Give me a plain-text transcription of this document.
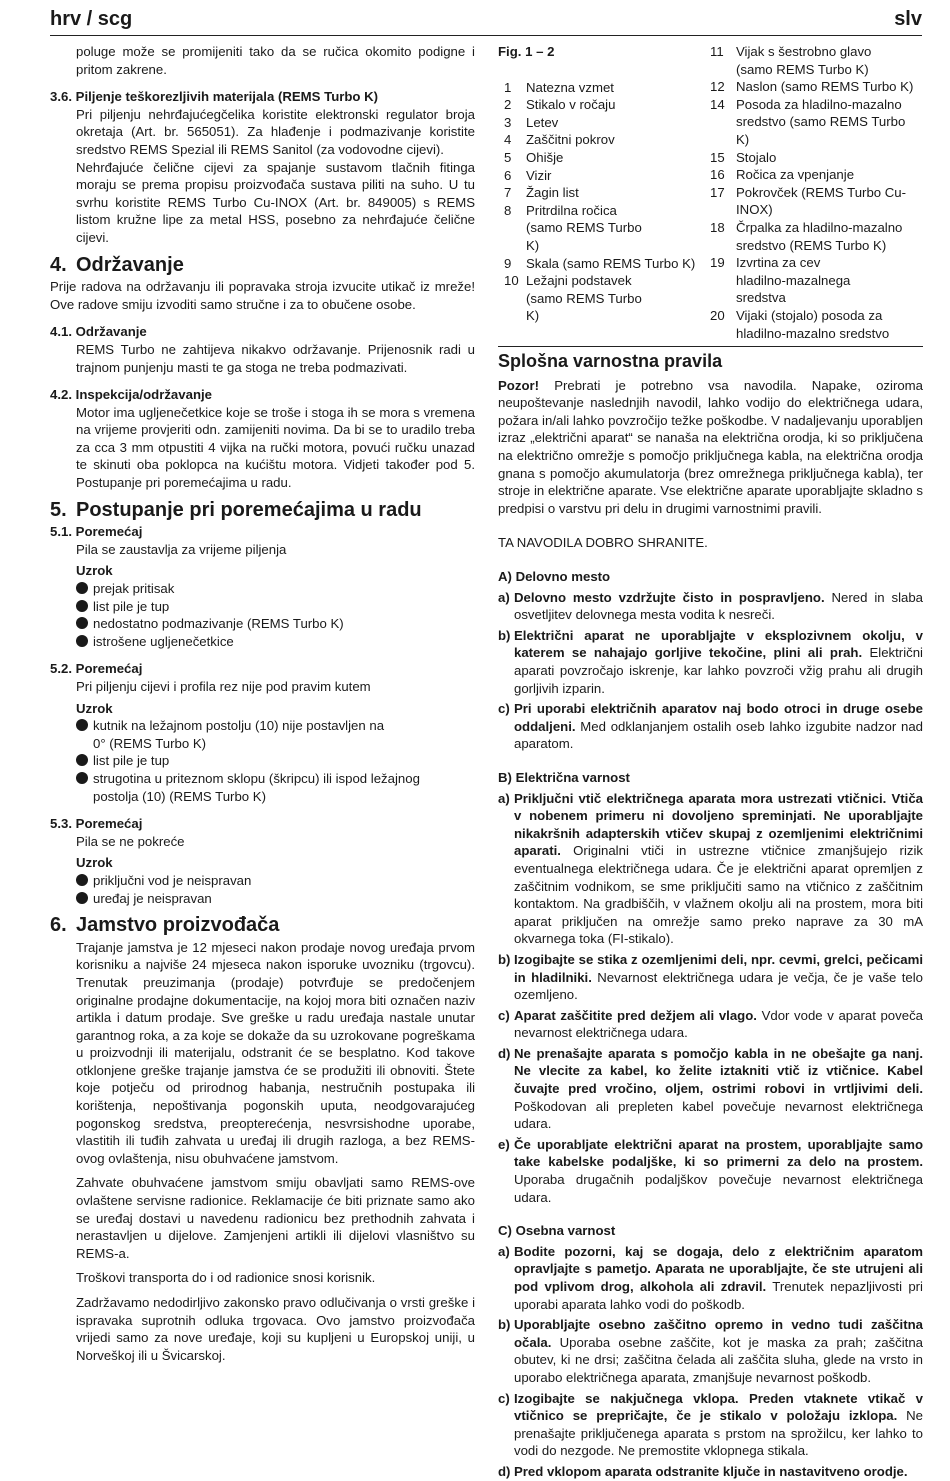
hrv / scg	slv

poluge može se promijeniti tako da se ručica okomito podigne i pritom zakrene.

3.6. Piljenje teškorezljivih materijala (REMS Turbo K)

Pri piljenju nehrđajućegčelika koristite elektronski regulator broja okretaja (Art. br. 565051). Za hlađenje i podmazivanje koristite sredstvo REMS Spezial ili REMS Sanitol (za vodovodne cijevi).

Nehrđajuće čelične cijevi za spajanje sustavom tlačnih fitinga moraju se prema propisu proizvođača sustava piliti na suho. U tu svrhu koristite REMS Turbo Cu-INOX (Art. br. 849005) s REMS listom kružne lipe za metal HSS, posebno za nehrđajuće čelične cijevi.

4. Održavanje

Prije radova na održavanju ili popravaka stroja izvucite utikač iz mreže! Ove radove smiju izvoditi samo stručne i za to obučene osobe.

4.1. Održavanje

REMS Turbo ne zahtijeva nikakvo održavanje. Prijenosnik radi u trajnom punjenju masti te ga stoga ne treba podmazivati.

4.2. Inspekcija/održavanje

Motor ima ugljenečetkice koje se troše i stoga ih se mora s vremena na vrijeme provjeriti odn. zamijeniti novima. Da bi se to uradilo treba za cca 3 mm otpustiti 4 vijka na ručki motora, povući ručku unazad te skinuti oba poklopca na kućištu motora. Vidjeti također pod 5. Postupanje pri poremećajima u radu.

5. Postupanje pri poremećajima u radu

5.1. Poremećaj

Pila se zaustavlja za vrijeme piljenja

Uzrok

prejak pritisak
list pile je tup
nedostatno podmazivanje (REMS Turbo K)
istrošene ugljenečetkice

5.2. Poremećaj

Pri piljenju cijevi i profila rez nije pod pravim kutem

Uzrok

kutnik na ležajnom postolju (10) nije postavljen na 0° (REMS Turbo K)
list pile je tup
strugotina u priteznom sklopu (škripcu) ili ispod ležajnog postolja (10) (REMS Turbo K)

5.3. Poremećaj

Pila se ne pokreće

Uzrok

priključni vod je neispravan
uređaj je neispravan
6. Jamstvo proizvođača

Trajanje jamstva je 12 mjeseci nakon prodaje novog uređaja prvom korisniku a najviše 24 mjeseca nakon isporuke uvozniku (trgovcu). Trenutak preuzimanja (prodaje) potvrđuje se predočenjem originalne prodajne dokumentacije, na kojoj mora biti označen naziv artikla i datum prodaje. Sve greške u radu uređaja nastale unutar garantnog roka, a za koje se dokaže da su uzrokovane pogreškama u proizvodnji ili materijalu, odstranit će se besplatno. Kod takove otklonjene greške trajanje jamstva će se produžiti ili obnoviti. Štete koje potječu od prirodnog habanja, nestručnih postupaka ili korištenja, nepoštivanja pogonskih uputa, neodgovarajućeg pogonskog sredstva, preopterećenja, nesvrsishodne uporabe, vlastitih ili tuđih zahvata u uređaj ili drugih razloga, a bez REMS-ovog ovlaštenja, nisu obuhvaćene jamstvom.

Zahvate obuhvaćene jamstvom smiju obavljati samo REMS-ove ovlaštene servisne radionice. Reklamacije će biti priznate samo ako se uređaj dostavi u navedenu radionicu bez prethodnih zahvata i nerastavljen u dijelove. Zamjenjeni artikli ili dijelovi vlasništvo su REMS-a.

Troškovi transporta do i od radionice snosi korisnik.

Zadržavamo nedodirljivo zakonsko pravo odlučivanja o vrsti greške i ispravaka suprotnih odluka trgovaca. Ovo jamstvo proizvođača vrijedi samo za nove uređaje, koji su kupljeni u Europskoj uniji, u Norveškoj ili u Švicarskoj.

Fig. 1 – 2

1	Natezna vzmet
2	Stikalo v ročaju
3	Letev
4	Zaščitni pokrov
5	Ohišje
6	Vizir
7	Žagin list
8	Pritrdilna ročica (samo REMS Turbo K)
9	Skala (samo REMS Turbo K)
10 Ležajni podstavek (samo REMS Turbo K)
11 Vijak s šestrobno glavo (samo REMS Turbo K)
12 Naslon (samo REMS Turbo K)
14 Posoda za hladilno-mazalno sredstvo (samo REMS Turbo K)
15 Stojalo
16 Ročica za vpenjanje
17 Pokrovček (REMS Turbo Cu-INOX)
18 Črpalka za hladilno-mazalno sredstvo (REMS Turbo K)
19 Izvrtina za cev hladilno-mazalnega sredstva
20 Vijaki (stojalo) posoda za hladilno-mazalno sredstvo
Splošna varnostna pravila

Pozor! Prebrati je potrebno vsa navodila. Napake, oziroma neupoštevanje naslednjih navodil, lahko vodijo do električnega udara, požara in/ali lahko povzročijo težke poškodbe. V nadaljevanju uporabljen izraz „električni aparat“ se nanaša na električna orodja, ki so priključena na električno omrežje s pomočjo priključnega kabla, na električna orodja gnana s pomočjo akumulatorja (brez omrežnega priključnega kabla), ter stroje in električne aparate. Vse električne aparate uporabljajte skladno s predpisi o varstvu pri delu in drugimi varnostnimi pravili.

TA NAVODILA DOBRO SHRANITE.

A) Delovno mesto

a) Delovno mesto vzdržujte čisto in pospravljeno. Nered in slaba osvetljitev delovnega mesta vodita k nesreči.
b) Električni aparat ne uporabljajte v eksplozivnem okolju, v katerem se nahajajo gorljive tekočine, plini ali prah. Električni aparati povzročajo iskrenje, kar lahko povzroči vžig prahu ali drugih gorljivih izparin.
c) Pri uporabi električnih aparatov naj bodo otroci in druge osebe oddaljeni. Med odklanjanjem ostalih oseb lahko izgubite nadzor nad aparatom.

B) Električna varnost

a) Priključni vtič električnega aparata mora ustrezati vtičnici. Vtiča v nobenem primeru ni dovoljeno spreminjati. Ne uporabljajte nikakršnih adapterskih vtičev skupaj z ozemljenimi električnimi aparati. Originalni vtiči in ustrezne vtičnice zmanjšujejo rizik eventualnega električnega udara. Če je električni aparat opremljen z zaščitnim vodnikom, se sme priključiti samo na vtičnico z zaščitnim kontaktom. Na gradbiščih, v vlažnem okolju ali na prostem, mora biti aparat priključen na omrežje samo preko naprave za 30 mA okvarnega toka (FI-stikalo).
b) Izogibajte se stika z ozemljenimi deli, npr. cevmi, grelci, pečicami in hladilniki. Nevarnost električnega udara je večja, če je vaše telo ozemljeno.
c) Aparat zaščitite pred dežjem ali vlago. Vdor vode v aparat poveča nevarnost električnega udara.
d) Ne prenašajte aparata s pomočjo kabla in ne obešajte ga nanj. Ne vlecite za kabel, ko želite iztakniti vtič iz vtičnice. Kabel čuvajte pred vročino, oljem, ostrimi robovi in vrtljivimi deli. Poškodovan ali prepleten kabel povečuje nevarnost električnega udara.
e) Če uporabljate električni aparat na prostem, uporabljajte samo take kabelske podaljške, ki so primerni za delo na prostem. Uporaba drugačnih podaljškov povečuje nevarnost električnega udara.

C) Osebna varnost

a) Bodite pozorni, kaj se dogaja, delo z električnim aparatom opravljajte s pametjo. Aparata ne uporabljajte, če ste utrujeni ali pod vplivom drog, alkohola ali zdravil. Trenutek nepazljivosti pri uporabi aparata lahko vodi do poškodb.
b) Uporabljajte osebno zaščitno opremo in vedno tudi zaščitna očala. Uporaba osebne zaščite, kot je maska za prah; zaščitna obutev, ki ne drsi; zaščitna čelada ali zaščita sluha, glede na vrsto in uporabo električnega aparata, zmanjšuje nevarnost poškodb.
c) Izogibajte se nakjučnega vklopa. Preden vtaknete vtikač v vtičnico se prepričajte, če je stikalo v položaju izklopa. Ne prenašajte priključenega aparata s prstom na sprožilcu, ker lahko to vodi do nezgode. Ne premostite vklopnega stikala.
d) Pred vklopom aparata odstranite ključe in nastavitveno orodje.
